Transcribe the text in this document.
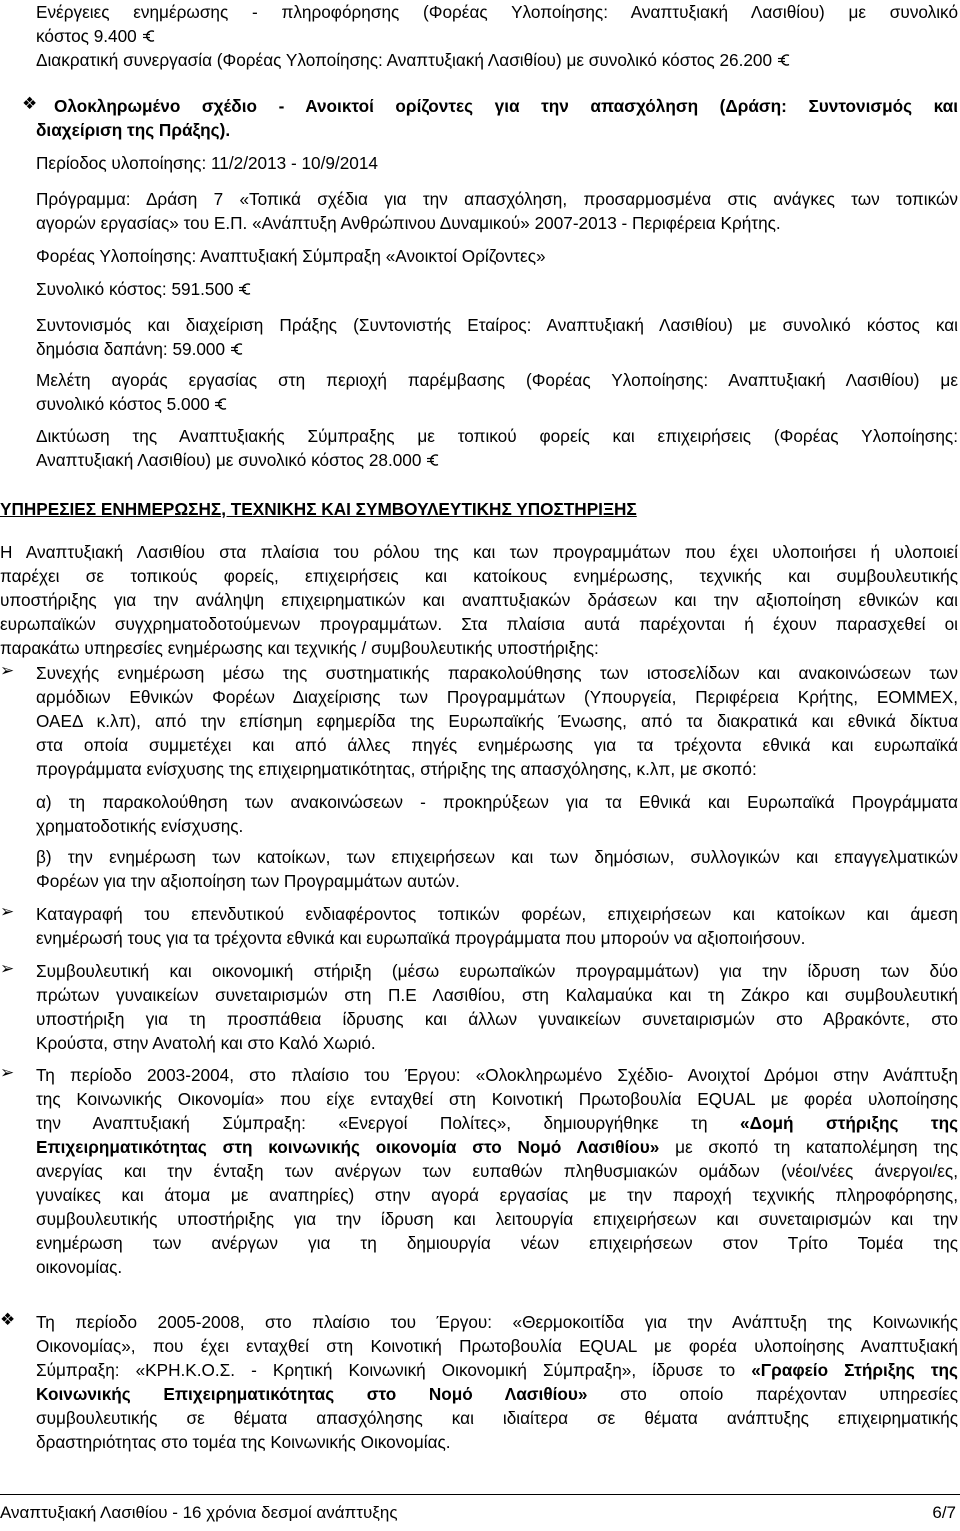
Ενέργειες ενημέρωσης - πληροφόρησης (Φορέας Υλοποίησης: Αναπτυξιακή Λασιθίου) με συνολικό
κόστος 9.400
Διακρατική συνεργασία (Φορέας Υλοποίησης: Αναπτυξιακή Λασιθίου) με συνολικό κόστος 26.200
❖ Ολοκληρωμένο σχέδιο - Ανοικτοί ορίζοντες για την απασχόληση (Δράση: Συντονισμός και
διαχείριση της Πράξης).
Περίοδος υλοποίησης: 11/2/2013 - 10/9/2014
Πρόγραμμα: Δράση 7 «Τοπικά σχέδια για την απασχόληση, προσαρμοσμένα στις ανάγκες των τοπικών
αγορών εργασίας» του Ε.Π. «Ανάπτυξη Ανθρώπινου Δυναμικού» 2007-2013 - Περιφέρεια Κρήτης.
Φορέας Υλοποίησης: Αναπτυξιακή Σύμπραξη «Ανοικτοί Ορίζοντες»
Συνολικό κόστος: 591.500
Συντονισμός και διαχείριση Πράξης (Συντονιστής Εταίρος: Αναπτυξιακή Λασιθίου) με συνολικό κόστος και
δημόσια δαπάνη: 59.000
Μελέτη αγοράς εργασίας στη περιοχή παρέμβασης (Φορέας Υλοποίησης: Αναπτυξιακή Λασιθίου) με
συνολικό κόστος 5.000
Δικτύωση της Αναπτυξιακής Σύμπραξης με τοπικού φορείς και επιχειρήσεις (Φορέας Υλοποίησης:
Αναπτυξιακή Λασιθίου) με συνολικό κόστος 28.000
ΥΠΗΡΕΣΙΕΣ ΕΝΗΜΕΡΩΣΗΣ, ΤΕΧΝΙΚΗΣ ΚΑΙ ΣΥΜΒΟΥΛΕΥΤΙΚΗΣ ΥΠΟΣΤΗΡΙΞΗΣ
Η Αναπτυξιακή Λασιθίου στα πλαίσια του ρόλου της και των προγραμμάτων που έχει υλοποιήσει ή υλοποιεί
παρέχει σε τοπικούς φορείς, επιχειρήσεις και κατοίκους ενημέρωσης, τεχνικής και συμβουλευτικής
υποστήριξης για την ανάληψη επιχειρηματικών και αναπτυξιακών δράσεων και την αξιοποίηση εθνικών και
ευρωπαϊκών συγχρηματοδοτούμενων προγραμμάτων. Στα πλαίσια αυτά παρέχονται ή έχουν παρασχεθεί οι
παρακάτω υπηρεσίες ενημέρωσης και τεχνικής / συμβουλευτικής υποστήριξης:
➢	Συνεχής ενημέρωση μέσω της συστηματικής παρακολούθησης των ιστοσελίδων και ανακοινώσεων των
αρμόδιων Εθνικών Φορέων Διαχείρισης των Προγραμμάτων (Υπουργεία, Περιφέρεια Κρήτης, ΕΟΜΜΕΧ,
ΟΑΕΔ κ.λπ), από την επίσημη εφημερίδα της Ευρωπαϊκής Ένωσης, από τα διακρατικά και εθνικά δίκτυα
στα οποία συμμετέχει και από άλλες πηγές ενημέρωσης για τα τρέχοντα εθνικά και ευρωπαϊκά
προγράμματα ενίσχυσης της επιχειρηματικότητας, στήριξης της απασχόλησης, κ.λπ, με σκοπό:
α) τη παρακολούθηση των ανακοινώσεων - προκηρύξεων για τα Εθνικά και Ευρωπαϊκά Προγράμματα
χρηματοδοτικής ενίσχυσης.
β) την ενημέρωση των κατοίκων, των επιχειρήσεων και των δημόσιων, συλλογικών και επαγγελματικών
Φορέων για την αξιοποίηση των Προγραμμάτων αυτών.
➢	Καταγραφή του επενδυτικού ενδιαφέροντος τοπικών φορέων, επιχειρήσεων και κατοίκων και άμεση
ενημέρωσή τους για τα τρέχοντα εθνικά και ευρωπαϊκά προγράμματα που μπορούν να αξιοποιήσουν.
➢	Συμβουλευτική και οικονομική στήριξη (μέσω ευρωπαϊκών προγραμμάτων) για την ίδρυση των δύο
πρώτων γυναικείων συνεταιρισμών στη Π.Ε Λασιθίου, στη Καλαμαύκα και τη Ζάκρο και συμβουλευτική
υποστήριξη για τη προσπάθεια ίδρυσης και άλλων γυναικείων συνεταιρισμών στο Αβρακόντε, στο
Κρούστα, στην Ανατολή και στο Καλό Χωριό.
➢	Τη περίοδο 2003-2004, στο πλαίσιο του Έργου: «Ολοκληρωμένο Σχέδιο- Ανοιχτοί Δρόμοι στην Ανάπτυξη
της Κοινωνικής Οικονομία» που είχε ενταχθεί στη Κοινοτική Πρωτοβουλία EQUAL με φορέα υλοποίησης
την Αναπτυξιακή Σύμπραξη: «Ενεργοί Πολίτες», δημιουργήθηκε τη «Δομή στήριξης της
Επιχειρηματικότητας στη κοινωνικής οικονομία στο Νομό Λασιθίου» με σκοπό τη καταπολέμηση της
ανεργίας και την ένταξη των ανέργων των ευπαθών πληθυσμιακών ομάδων (νέοι/νέες άνεργοι/ες,
γυναίκες και άτομα με αναπηρίες) στην αγορά εργασίας με την παροχή τεχνικής πληροφόρησης,
συμβουλευτικής υποστήριξης για την ίδρυση και λειτουργία επιχειρήσεων και συνεταιρισμών και την
ενημέρωση των ανέργων για τη δημιουργία νέων επιχειρήσεων στον Τρίτο Τομέα της
οικονομίας.
❖	Τη περίοδο 2005-2008, στο πλαίσιο του Έργου: «Θερμοκοιτίδα για την Ανάπτυξη της Κοινωνικής
Οικονομίας», που έχει ενταχθεί στη Κοινοτική Πρωτοβουλία EQUAL με φορέα υλοποίησης Αναπτυξιακή
Σύμπραξη: «ΚΡΗ.Κ.Ο.Σ. - Κρητική Κοινωνική Οικονομική Σύμπραξη», ίδρυσε το «Γραφείο Στήριξης της
Κοινωνικής Επιχειρηματικότητας στο Νομό Λασιθίου» στο οποίο παρέχονταν υπηρεσίες
συμβουλευτικής σε θέματα απασχόλησης και ιδιαίτερα σε θέματα ανάπτυξης επιχειρηματικής
δραστηριότητας στο τομέα της Κοινωνικής Οικονομίας.
Αναπτυξιακή Λασιθίου - 16 χρόνια δεσμοί ανάπτυξης	6/7
